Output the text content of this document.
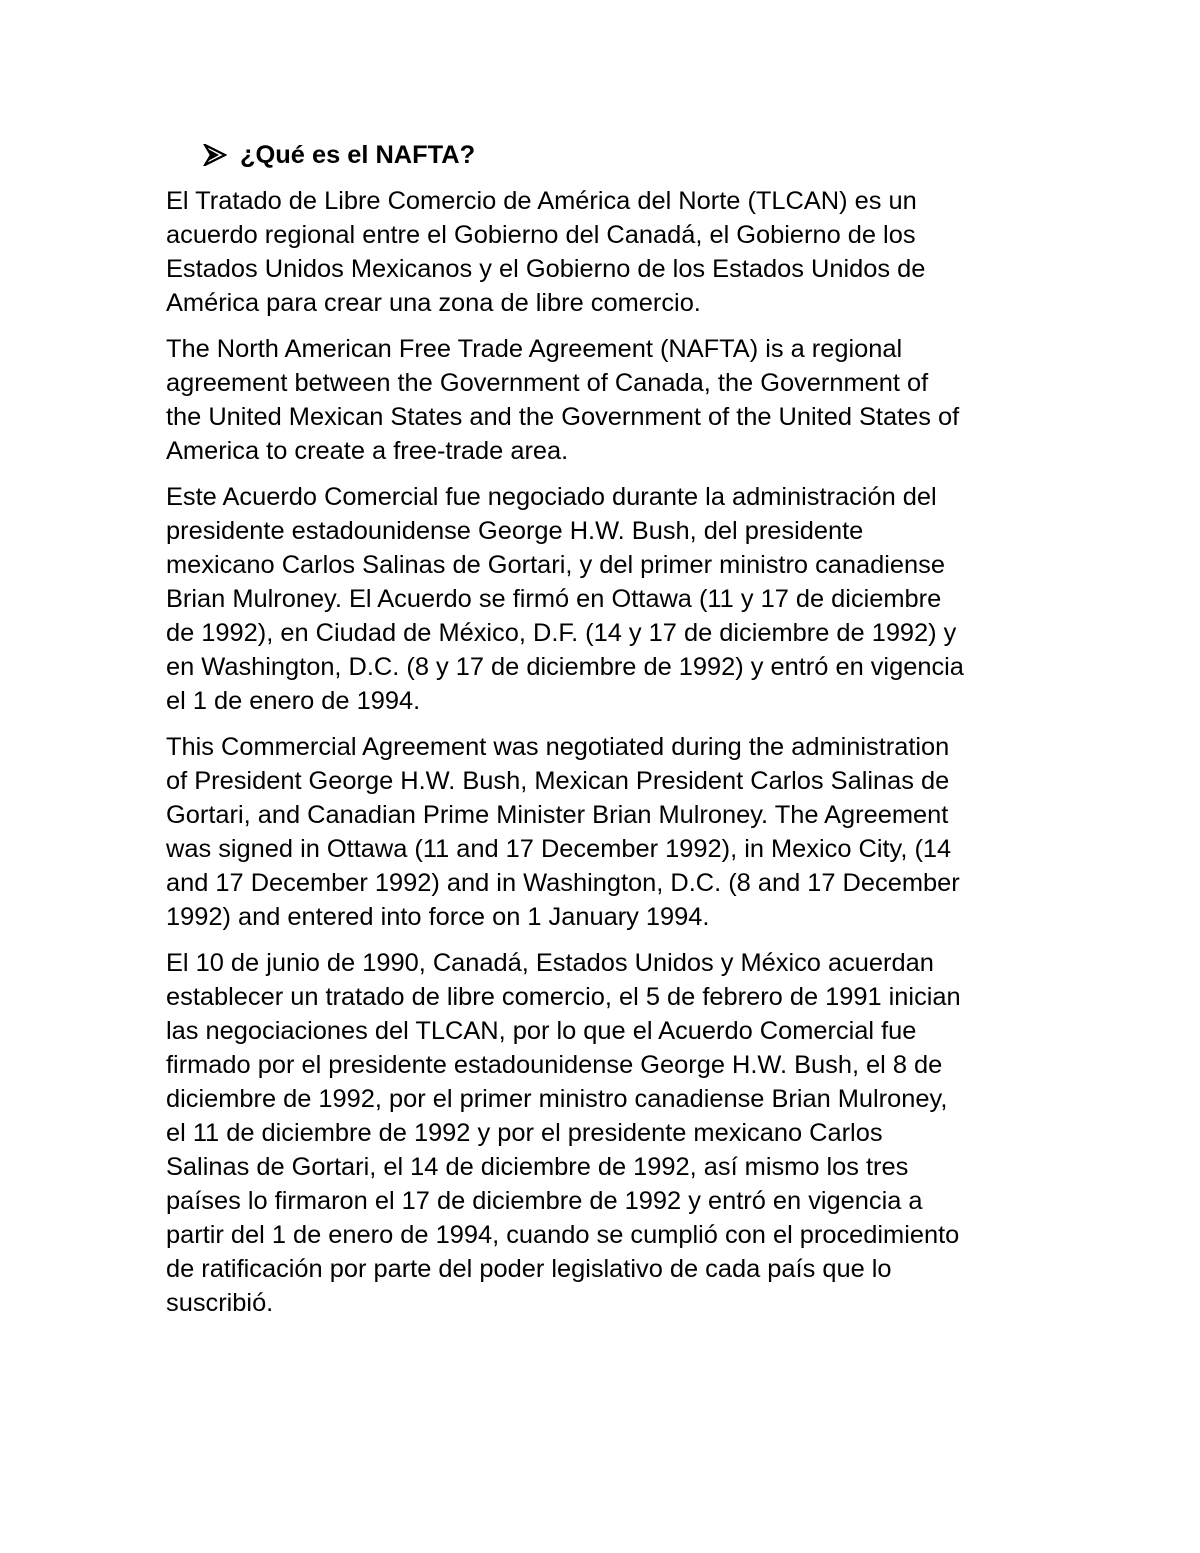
¿Qué es el NAFTA?

El Tratado de Libre Comercio de América del Norte (TLCAN) es un
acuerdo regional entre el Gobierno del Canadá, el Gobierno de los
Estados Unidos Mexicanos y el Gobierno de los Estados Unidos de
América para crear una zona de libre comercio.

The North American Free Trade Agreement (NAFTA) is a regional
agreement between the Government of Canada, the Government of
the United Mexican States and the Government of the United States of
America to create a free-trade area.

Este Acuerdo Comercial fue negociado durante la administración del
presidente estadounidense George H.W. Bush, del presidente
mexicano Carlos Salinas de Gortari, y del primer ministro canadiense
Brian Mulroney. El Acuerdo se firmó en Ottawa (11 y 17 de diciembre
de 1992), en Ciudad de México, D.F. (14 y 17 de diciembre de 1992) y
en Washington, D.C. (8 y 17 de diciembre de 1992) y entró en vigencia
el 1 de enero de 1994.

This Commercial Agreement was negotiated during the administration
of President George H.W. Bush, Mexican President Carlos Salinas de
Gortari, and Canadian Prime Minister Brian Mulroney. The Agreement
was signed in Ottawa (11 and 17 December 1992), in Mexico City, (14
and 17 December 1992) and in Washington, D.C. (8 and 17 December
1992) and entered into force on 1 January 1994.

El 10 de junio de 1990, Canadá, Estados Unidos y México acuerdan
establecer un tratado de libre comercio, el 5 de febrero de 1991 inician
las negociaciones del TLCAN, por lo que el Acuerdo Comercial fue
firmado por el presidente estadounidense George H.W. Bush, el 8 de
diciembre de 1992, por el primer ministro canadiense Brian Mulroney,
el 11 de diciembre de 1992 y por el presidente mexicano Carlos
Salinas de Gortari, el 14 de diciembre de 1992, así mismo los tres
países lo firmaron el 17 de diciembre de 1992 y entró en vigencia a
partir del 1 de enero de 1994, cuando se cumplió con el procedimiento
de ratificación por parte del poder legislativo de cada país que lo
suscribió.
